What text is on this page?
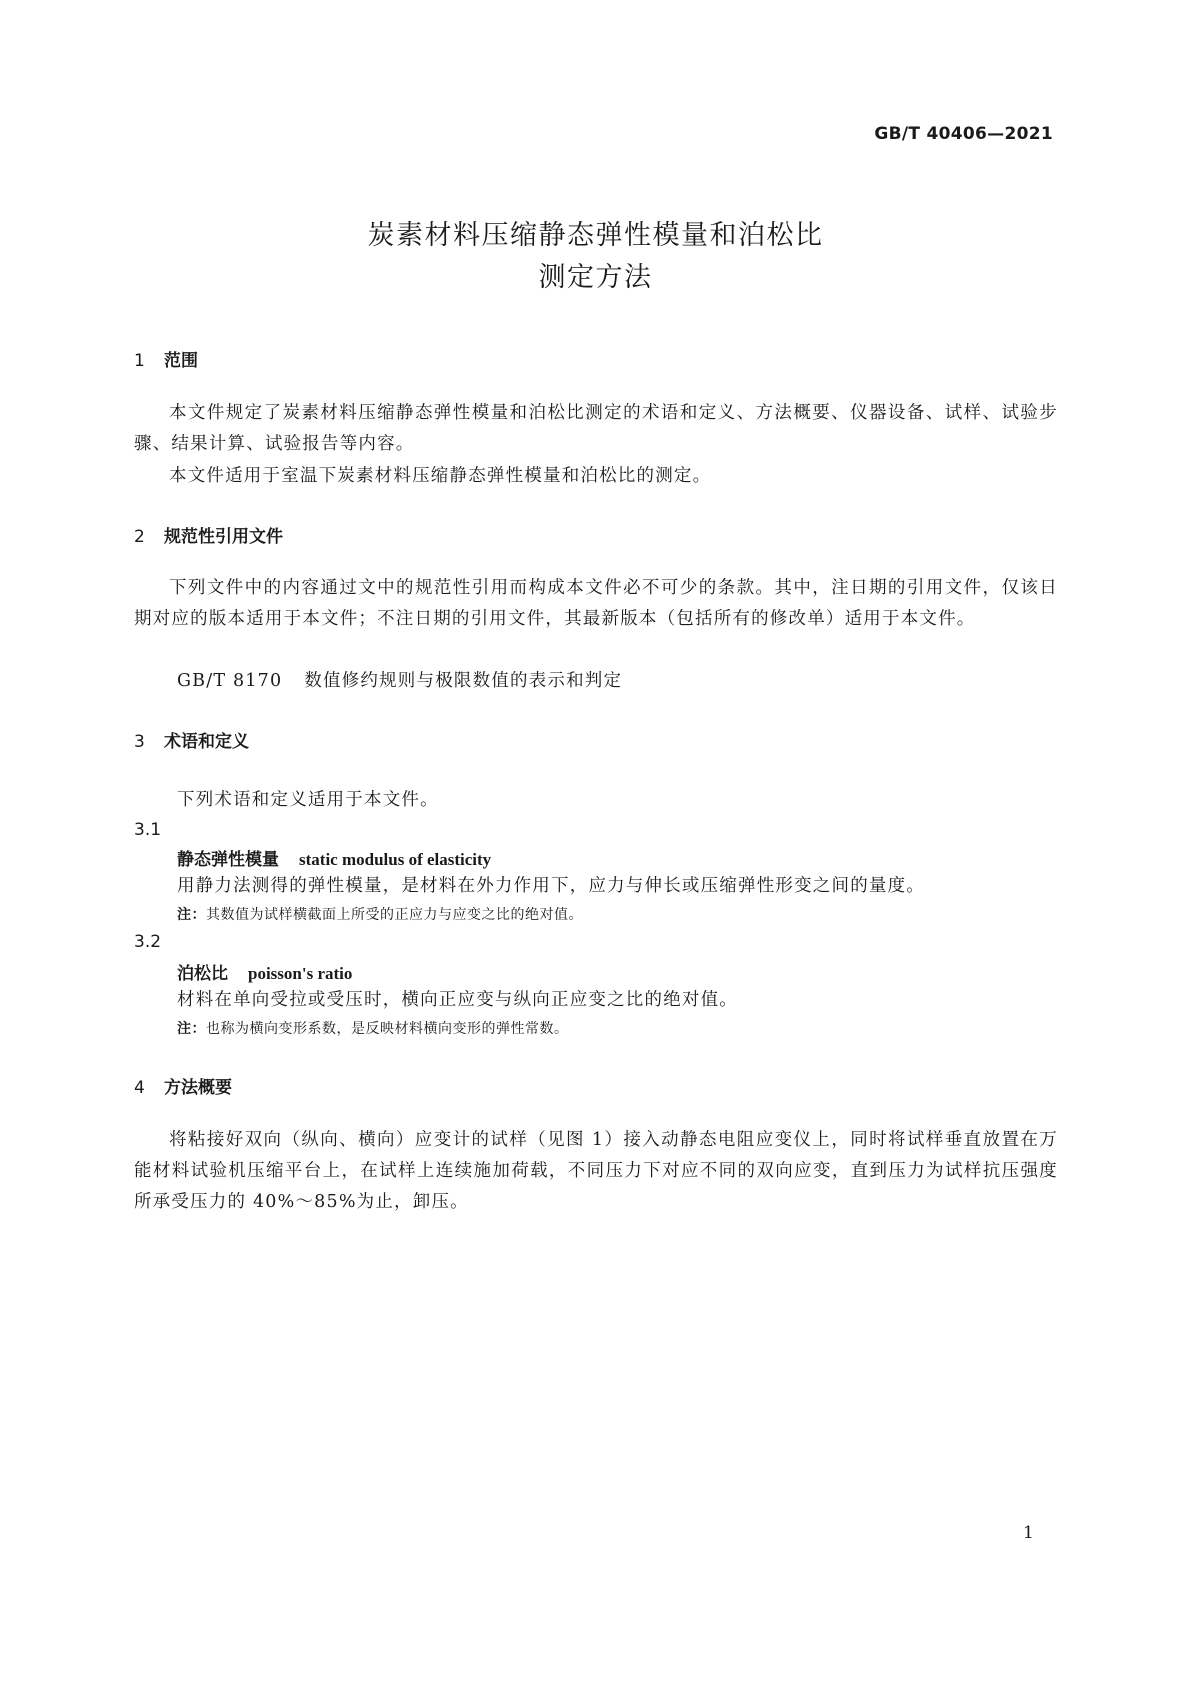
GB/T 40406—2021
炭素材料压缩静态弹性模量和泊松比
测定方法
1 范围
本文件规定了炭素材料压缩静态弹性模量和泊松比测定的术语和定义、方法概要、仪器设备、试样、试验步骤、结果计算、试验报告等内容。
本文件适用于室温下炭素材料压缩静态弹性模量和泊松比的测定。
2 规范性引用文件
下列文件中的内容通过文中的规范性引用而构成本文件必不可少的条款。其中，注日期的引用文件，仅该日期对应的版本适用于本文件；不注日期的引用文件，其最新版本（包括所有的修改单）适用于本文件。
GB/T 8170 数值修约规则与极限数值的表示和判定
3 术语和定义
下列术语和定义适用于本文件。
3.1
静态弹性模量 static modulus of elasticity
用静力法测得的弹性模量，是材料在外力作用下，应力与伸长或压缩弹性形变之间的量度。
注：其数值为试样横截面上所受的正应力与应变之比的绝对值。
3.2
泊松比 poisson's ratio
材料在单向受拉或受压时，横向正应变与纵向正应变之比的绝对值。
注：也称为横向变形系数，是反映材料横向变形的弹性常数。
4 方法概要
将粘接好双向（纵向、横向）应变计的试样（见图 1）接入动静态电阻应变仪上，同时将试样垂直放置在万能材料试验机压缩平台上，在试样上连续施加荷载，不同压力下对应不同的双向应变，直到压力为试样抗压强度所承受压力的 40%～85%为止，卸压。
1
